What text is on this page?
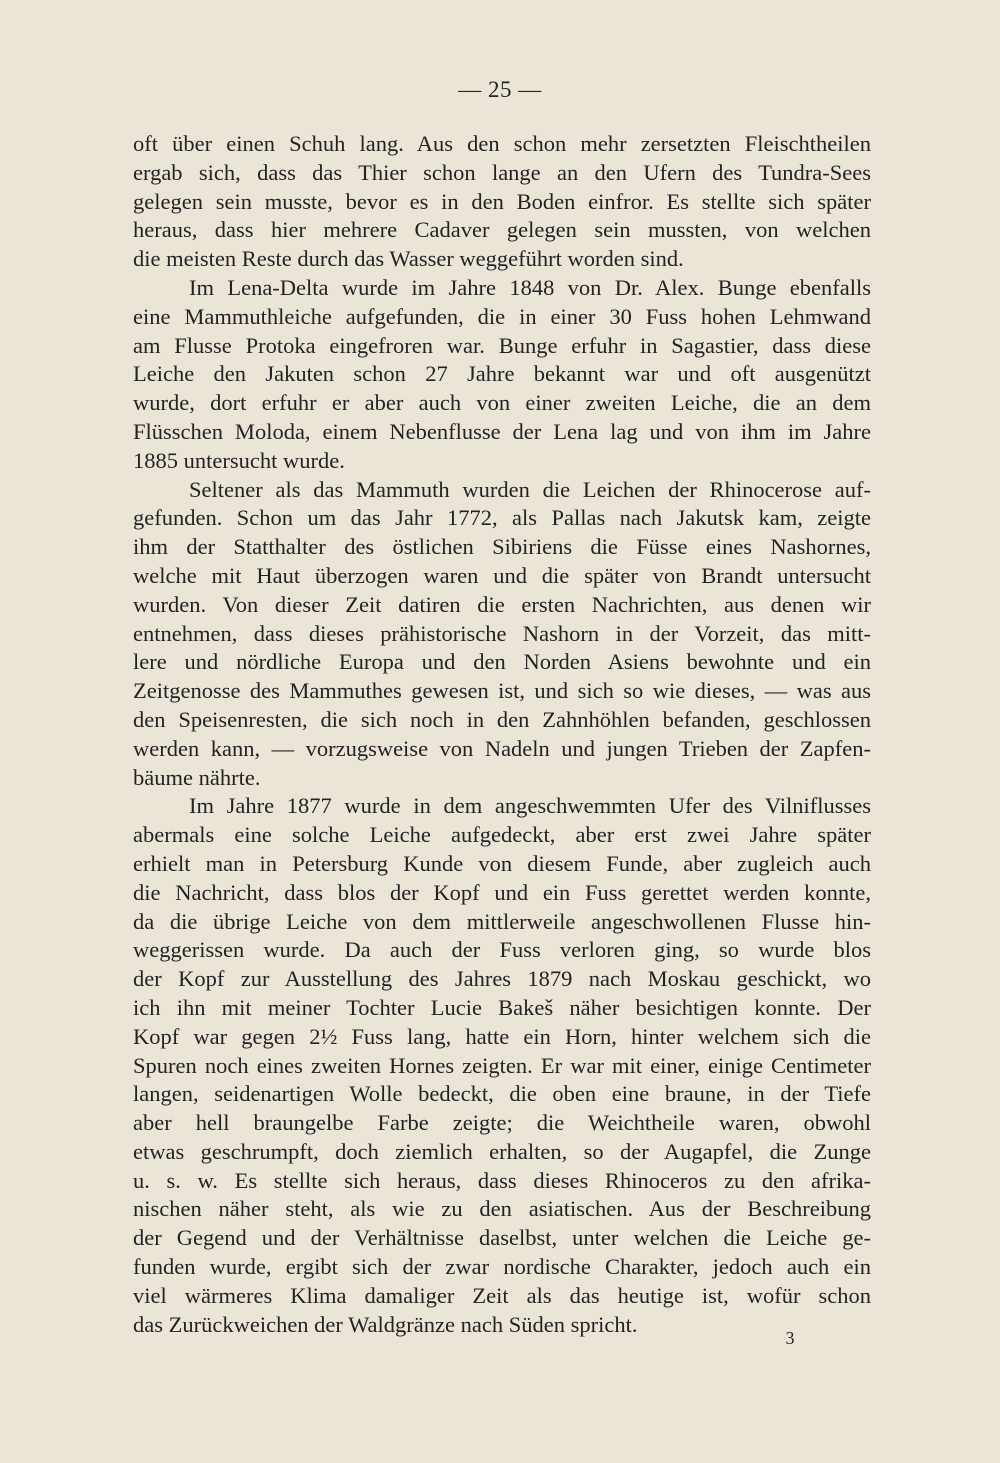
— 25 —
oft über einen Schuh lang. Aus den schon mehr zersetzten Fleischtheilen
ergab sich, dass das Thier schon lange an den Ufern des Tundra-Sees
gelegen sein musste, bevor es in den Boden einfror. Es stellte sich später
heraus, dass hier mehrere Cadaver gelegen sein mussten, von welchen
die meisten Reste durch das Wasser weggeführt worden sind.
Im Lena-Delta wurde im Jahre 1848 von Dr. Alex. Bunge ebenfalls
eine Mammuthleiche aufgefunden, die in einer 30 Fuss hohen Lehmwand
am Flusse Protoka eingefroren war. Bunge erfuhr in Sagastier, dass diese
Leiche den Jakuten schon 27 Jahre bekannt war und oft ausgenützt
wurde, dort erfuhr er aber auch von einer zweiten Leiche, die an dem
Flüsschen Moloda, einem Nebenflusse der Lena lag und von ihm im Jahre
1885 untersucht wurde.
Seltener als das Mammuth wurden die Leichen der Rhinocerose auf-
gefunden. Schon um das Jahr 1772, als Pallas nach Jakutsk kam, zeigte
ihm der Statthalter des östlichen Sibiriens die Füsse eines Nashornes,
welche mit Haut überzogen waren und die später von Brandt untersucht
wurden. Von dieser Zeit datiren die ersten Nachrichten, aus denen wir
entnehmen, dass dieses prähistorische Nashorn in der Vorzeit, das mitt-
lere und nördliche Europa und den Norden Asiens bewohnte und ein
Zeitgenosse des Mammuthes gewesen ist, und sich so wie dieses, — was aus
den Speisenresten, die sich noch in den Zahnhöhlen befanden, geschlossen
werden kann, — vorzugsweise von Nadeln und jungen Trieben der Zapfen-
bäume nährte.
Im Jahre 1877 wurde in dem angeschwemmten Ufer des Vilniflusses
abermals eine solche Leiche aufgedeckt, aber erst zwei Jahre später
erhielt man in Petersburg Kunde von diesem Funde, aber zugleich auch
die Nachricht, dass blos der Kopf und ein Fuss gerettet werden konnte,
da die übrige Leiche von dem mittlerweile angeschwollenen Flusse hin-
weggerissen wurde. Da auch der Fuss verloren ging, so wurde blos
der Kopf zur Ausstellung des Jahres 1879 nach Moskau geschickt, wo
ich ihn mit meiner Tochter Lucie Bakeš näher besichtigen konnte. Der
Kopf war gegen 2½ Fuss lang, hatte ein Horn, hinter welchem sich die
Spuren noch eines zweiten Hornes zeigten. Er war mit einer, einige Centimeter
langen, seidenartigen Wolle bedeckt, die oben eine braune, in der Tiefe
aber hell braungelbe Farbe zeigte; die Weichtheile waren, obwohl
etwas geschrumpft, doch ziemlich erhalten, so der Augapfel, die Zunge
u. s. w. Es stellte sich heraus, dass dieses Rhinoceros zu den afrika-
nischen näher steht, als wie zu den asiatischen. Aus der Beschreibung
der Gegend und der Verhältnisse daselbst, unter welchen die Leiche ge-
funden wurde, ergibt sich der zwar nordische Charakter, jedoch auch ein
viel wärmeres Klima damaliger Zeit als das heutige ist, wofür schon
das Zurückweichen der Waldgränze nach Süden spricht.
3
